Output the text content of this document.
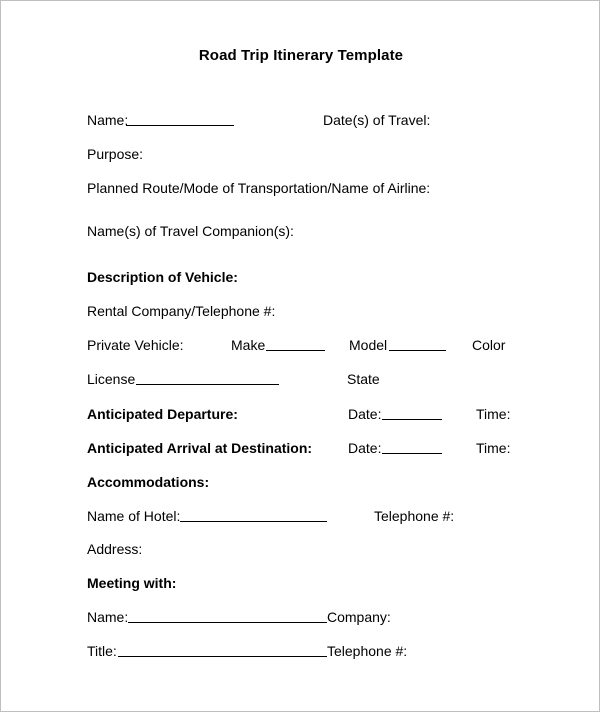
Road Trip Itinerary Template
Name:	Date(s) of Travel:
Purpose:
Planned Route/Mode of Transportation/Name of Airline:
Name(s) of Travel Companion(s):
Description of Vehicle:
Rental Company/Telephone #:
Private Vehicle:	Make	Model	Color
License	State
Anticipated Departure:	Date:	Time:
Anticipated Arrival at Destination:	Date:	Time:
Accommodations:
Name of Hotel:	Telephone #:
Address:
Meeting with:
Name:	Company:
Title:	Telephone #:
